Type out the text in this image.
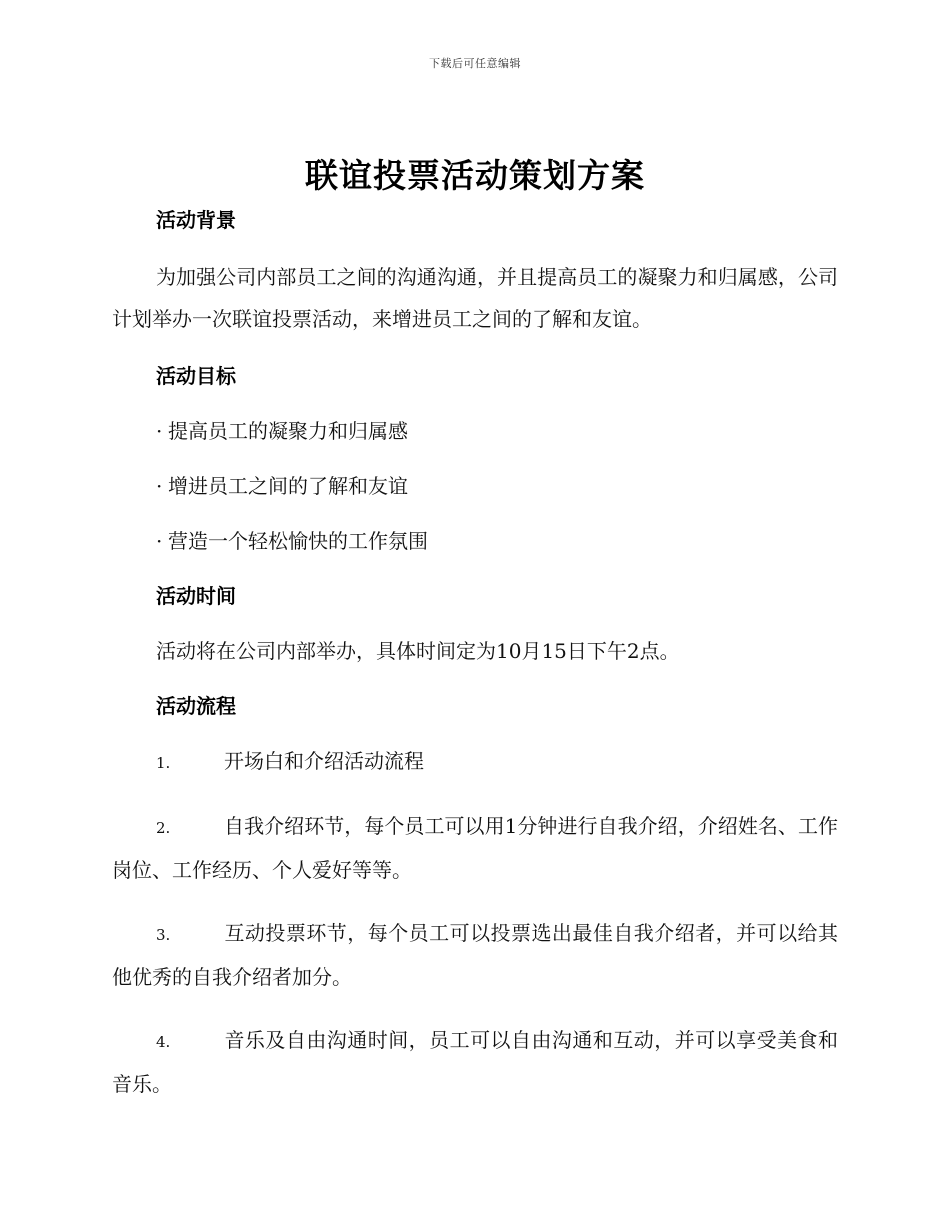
下载后可任意编辑
联谊投票活动策划方案
活动背景

为加强公司内部员工之间的沟通沟通，并且提高员工的凝聚力和归属感，公司计划举办一次联谊投票活动，来增进员工之间的了解和友谊。

活动目标
· 提高员工的凝聚力和归属感
· 增进员工之间的了解和友谊
· 营造一个轻松愉快的工作氛围
活动时间
活动将在公司内部举办，具体时间定为10月15日下午2点。
活动流程

1.	开场白和介绍活动流程

2.	自我介绍环节，每个员工可以用1分钟进行自我介绍，介绍姓名、工作岗位、工作经历、个人爱好等等。

3.	互动投票环节，每个员工可以投票选出最佳自我介绍者，并可以给其他优秀的自我介绍者加分。

4.	音乐及自由沟通时间，员工可以自由沟通和互动，并可以享受美食和音乐。
